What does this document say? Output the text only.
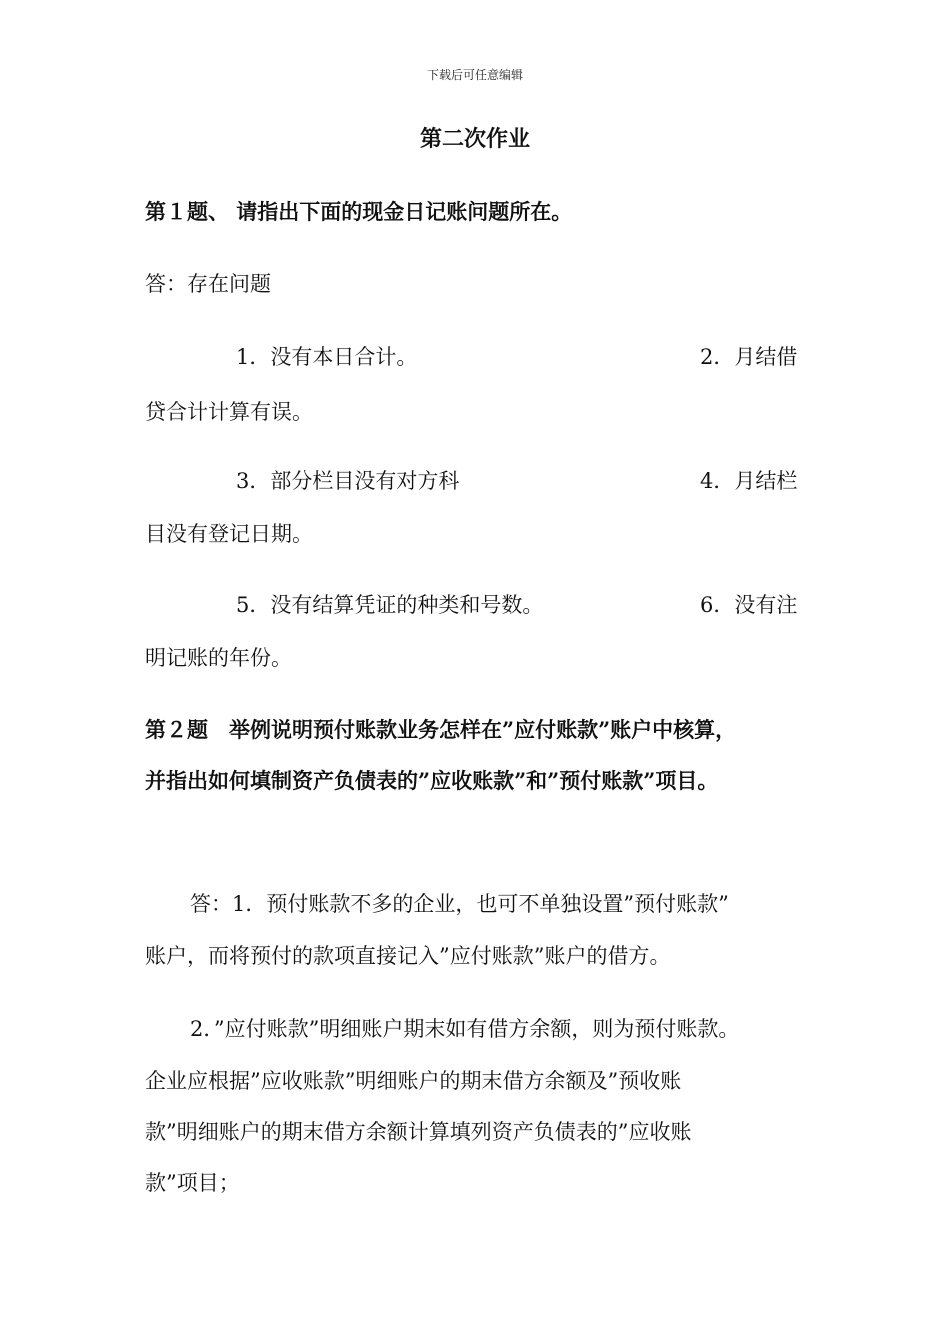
下载后可任意编辑
第二次作业
第１题、 请指出下面的现金日记账问题所在。
答：存在问题
1．没有本日合计。	2．月结借
贷合计计算有误。
3．部分栏目没有对方科	4．月结栏
目没有登记日期。
5．没有结算凭证的种类和号数。	6．没有注
明记账的年份。
第２题　举例说明预付账款业务怎样在”应付账款”账户中核算，
并指出如何填制资产负债表的”应收账款”和”预付账款”项目。
答：1．预付账款不多的企业，也可不单独设置”预付账款”
账户，而将预付的款项直接记入”应付账款”账户的借方。
2．”应付账款”明细账户期末如有借方余额，则为预付账款。
企业应根据”应收账款”明细账户的期末借方余额及”预收账
款”明细账户的期末借方余额计算填列资产负债表的”应收账
款”项目；
